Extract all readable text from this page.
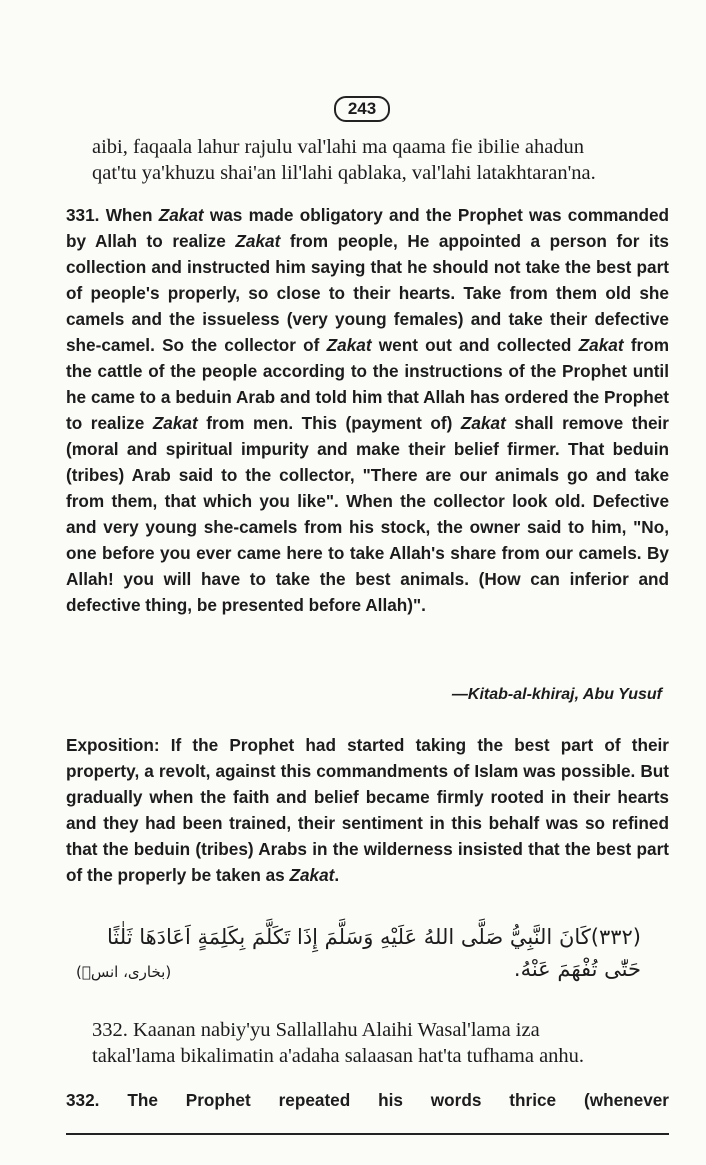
243

aibi, faqaala lahur rajulu val'lahi ma qaama fie ibilie ahadun

qat'tu ya'khuzu shai'an lil'lahi qablaka, val'lahi latakhtaran'na.

331. When Zakat was made obligatory and the Prophet was commanded by Allah to realize Zakat from people, He appointed a person for its collection and instructed him saying that he should not take the best part of people's properly, so close to their hearts. Take from them old she camels and the issueless (very young females) and take their defective she-camel. So the collector of Zakat went out and collected Zakat from the cattle of the people according to the instructions of the Prophet until he came to a beduin Arab and told him that Allah has ordered the Prophet to realize Zakat from men. This (payment of) Zakat shall remove their (moral and spiritual impurity and make their belief firmer. That beduin (tribes) Arab said to the collector, "There are our animals go and take from them, that which you like". When the collector look old. Defective and very young she-camels from his stock, the owner said to him, "No, one before you ever came here to take Allah's share from our camels. By Allah! you will have to take the best animals. (How can inferior and defective thing, be presented before Allah)".

—Kitab-al-khiraj, Abu Yusuf

Exposition: If the Prophet had started taking the best part of their property, a revolt, against this commandments of Islam was possible. But gradually when the faith and belief became firmly rooted in their hearts and they had been trained, their sentiment in this behalf was so refined that the beduin (tribes) Arabs in the wilderness insisted that the best part of the properly be taken as Zakat.

(۳۳۲)كَانَ النَّبِيُّ صَلَّى اللهُ عَلَيْهِ وَسَلَّمَ إِذَا تَكَلَّمَ بِكَلِمَةٍ اَعَادَهَا ثَلٰثًا حَتّٰى تُفْهَمَ عَنْهُ.

(بخاری، انسؓ)

332. Kaanan nabiy'yu Sallallahu Alaihi Wasal'lama iza

takal'lama bikalimatin a'adaha salaasan hat'ta tufhama anhu.

332. The Prophet repeated his words thrice (whenever
